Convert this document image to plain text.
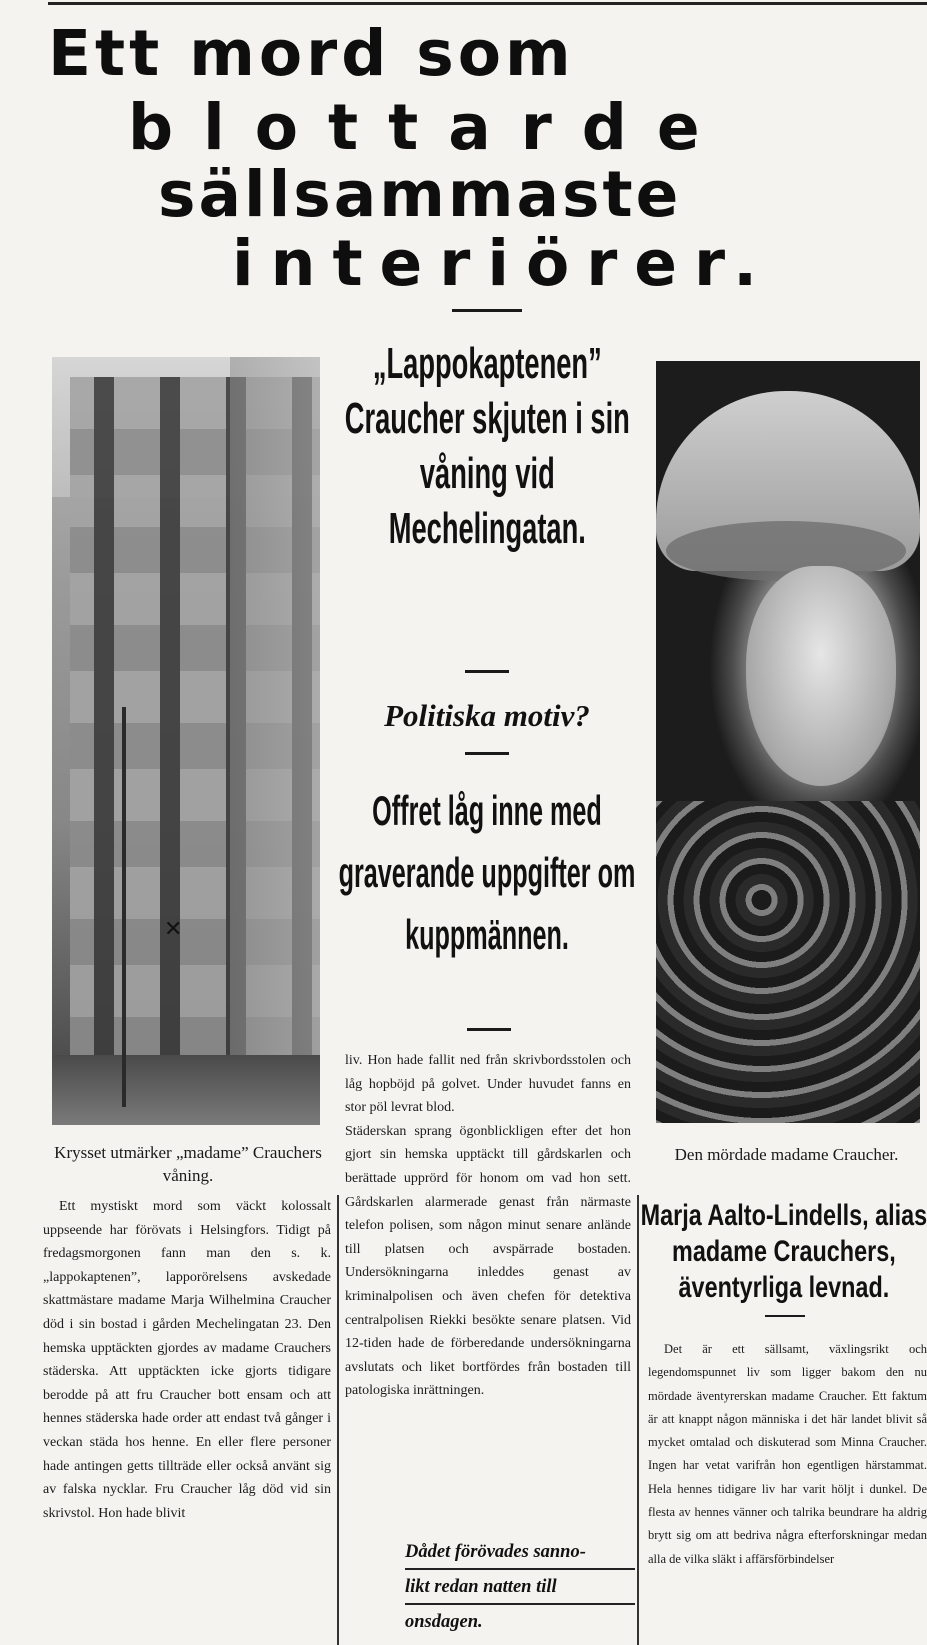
Ett mord som
blottarde
sällsammaste
interiörer.
✕
Krysset utmärker „madame” Crauchers våning.
Den mördade madame Craucher.
„Lappokaptenen” Craucher skjuten i sin våning vid Mechelingatan.
Politiska motiv?
Offret låg inne med graverande uppgifter om kuppmännen.
Marja Aalto-Lindells, alias madame Crauchers, äventyrliga levnad.

Ett mystiskt mord som väckt kolossalt uppseende har förövats i Helsingfors. Tidigt på fredagsmorgonen fann man den s. k. „lappokaptenen”, lapporörelsens avskedade skattmästare madame Marja Wilhelmina Craucher död i sin bostad i gården Mechelingatan 23. Den hemska upptäckten gjordes av madame Crauchers städerska. Att upptäckten icke gjorts tidigare berodde på att fru Craucher bott ensam och att hennes städerska hade order att endast två gånger i veckan städa hos henne. En eller flere personer hade antingen getts tillträde eller också använt sig av falska nycklar. Fru Craucher låg död vid sin skrivstol. Hon hade blivit

liv. Hon hade fallit ned från skrivbordsstolen och låg hopböjd på golvet. Under huvudet fanns en stor pöl levrat blod.

Städerskan sprang ögonblickligen efter det hon gjort sin hemska upptäckt till gårdskarlen och berättade upprörd för honom om vad hon sett. Gårdskarlen alarmerade genast från närmaste telefon polisen, som någon minut senare anlände till platsen och avspärrade bostaden. Undersökningarna inleddes genast av kriminalpolisen och även chefen för detektiva centralpolisen Riekki besökte senare platsen. Vid 12-tiden hade de förberedande undersökningarna avslutats och liket bortfördes från bostaden till patologiska inrättningen.

Det är ett sällsamt, växlingsrikt och legendomspunnet liv som ligger bakom den nu mördade äventyrerskan madame Craucher. Ett faktum är att knappt någon människa i det här landet blivit så mycket omtalad och diskuterad som Minna Craucher. Ingen har vetat varifrån hon egentligen härstammat. Hela hennes tidigare liv har varit höljt i dunkel. De flesta av hennes vänner och talrika beundrare ha aldrig brytt sig om att bedriva några efterforskningar medan alla de vilka släkt i affärsförbindelser

Dådet förövades sanno-
likt redan natten till
onsdagen.
